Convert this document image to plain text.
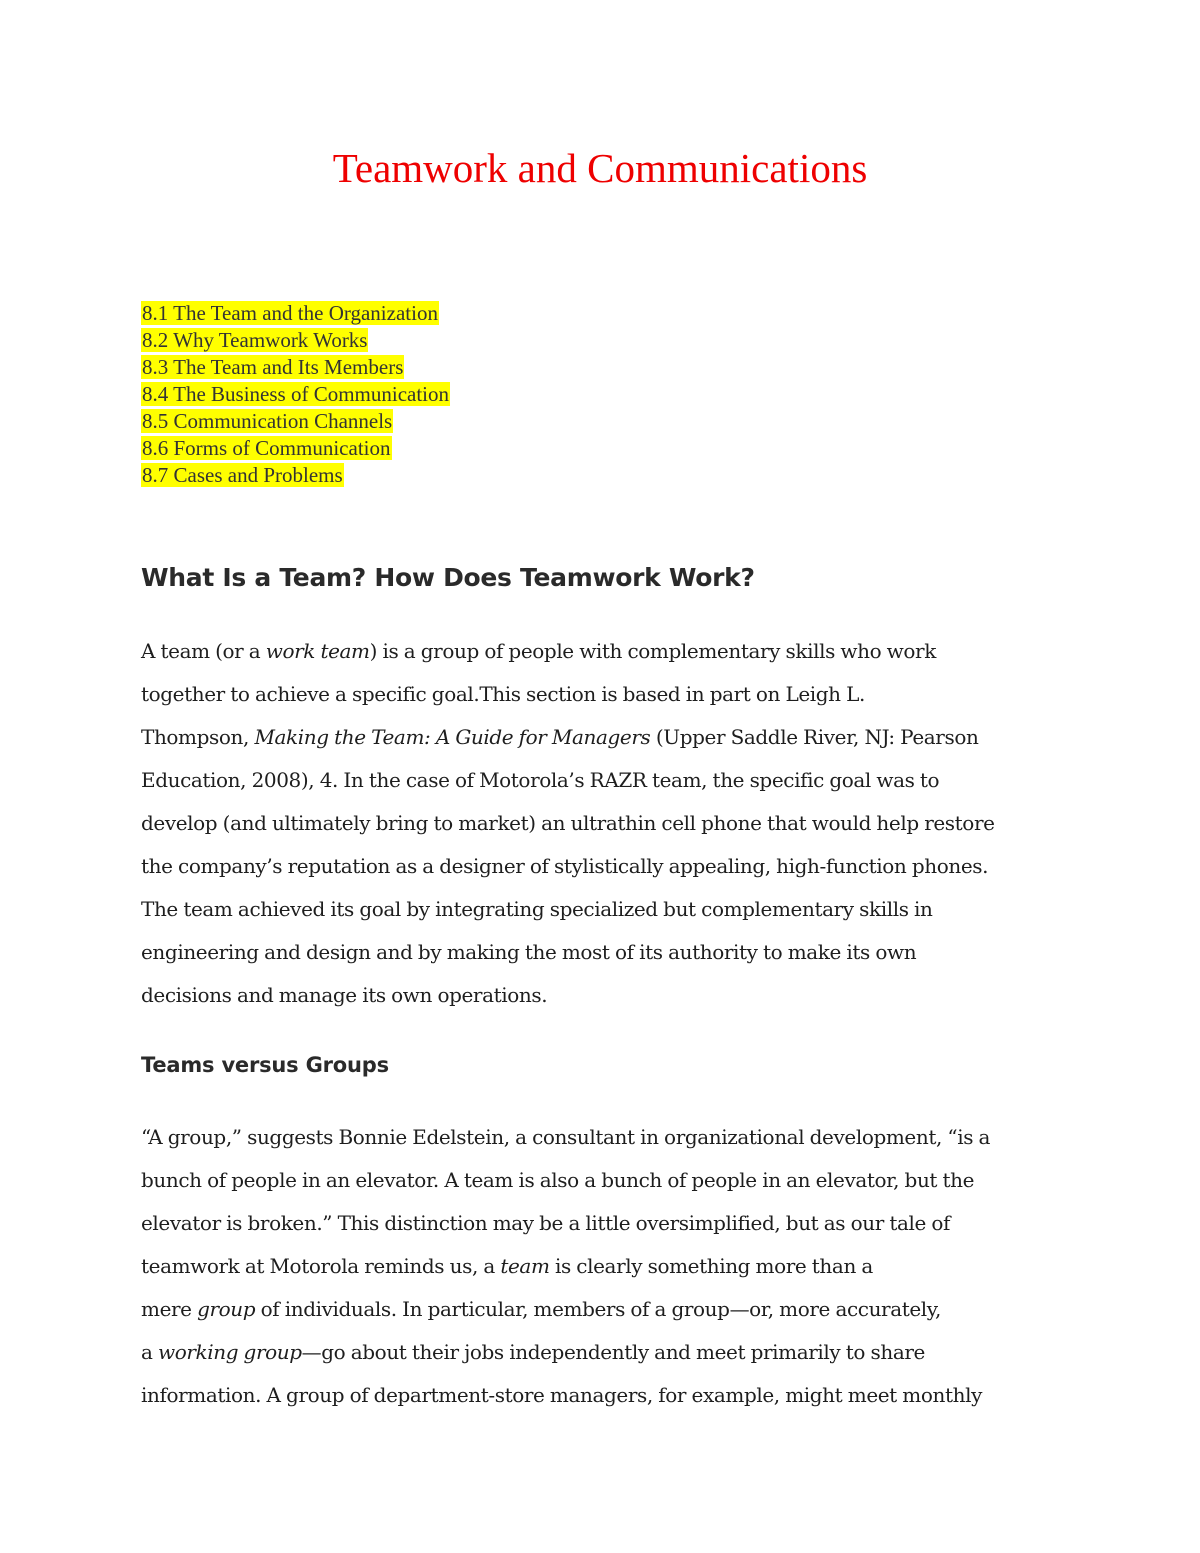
Teamwork and Communications
8.1 The Team and the Organization
8.2 Why Teamwork Works
8.3 The Team and Its Members
8.4 The Business of Communication
8.5 Communication Channels
8.6 Forms of Communication
8.7 Cases and Problems
What Is a Team? How Does Teamwork Work?

A team (or a work team) is a group of people with complementary skills who work
together to achieve a specific goal.This section is based in part on Leigh L.
Thompson, Making the Team: A Guide for Managers (Upper Saddle River, NJ: Pearson
Education, 2008), 4. In the case of Motorola’s RAZR team, the specific goal was to
develop (and ultimately bring to market) an ultrathin cell phone that would help restore
the company’s reputation as a designer of stylistically appealing, high-function phones.
The team achieved its goal by integrating specialized but complementary skills in
engineering and design and by making the most of its authority to make its own
decisions and manage its own operations.

Teams versus Groups

“A group,” suggests Bonnie Edelstein, a consultant in organizational development, “is a
bunch of people in an elevator. A team is also a bunch of people in an elevator, but the
elevator is broken.” This distinction may be a little oversimplified, but as our tale of
teamwork at Motorola reminds us, a team is clearly something more than a
mere group of individuals. In particular, members of a group—or, more accurately,
a working group—go about their jobs independently and meet primarily to share
information. A group of department-store managers, for example, might meet monthly
